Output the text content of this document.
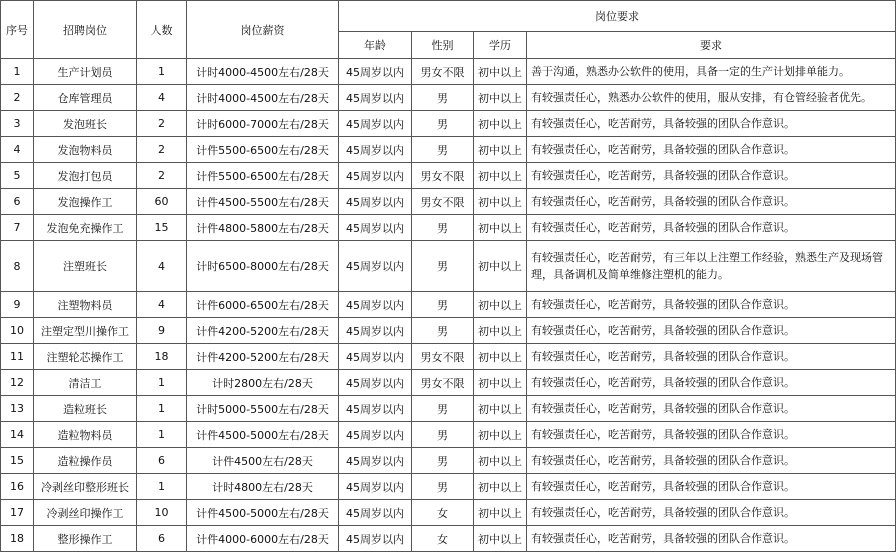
序号	招聘岗位	人数	岗位薪资	岗位要求			
				年龄	性别	学历	要求
1	生产计划员	1	计时4000-4500左右/28天	45周岁以内	男女不限	初中以上	善于沟通，熟悉办公软件的使用，具备一定的生产计划排单能力。
2	仓库管理员	4	计时4000-4500左右/28天	45周岁以内	男	初中以上	有较强责任心，熟悉办公软件的使用，服从安排，有仓管经验者优先。
3	发泡班长	2	计时6000-7000左右/28天	45周岁以内	男	初中以上	有较强责任心，吃苦耐劳，具备较强的团队合作意识。
4	发泡物料员	2	计件5500-6500左右/28天	45周岁以内	男	初中以上	有较强责任心，吃苦耐劳，具备较强的团队合作意识。
5	发泡打包员	2	计件5500-6500左右/28天	45周岁以内	男女不限	初中以上	有较强责任心，吃苦耐劳，具备较强的团队合作意识。
6	发泡操作工	60	计件4500-5500左右/28天	45周岁以内	男女不限	初中以上	有较强责任心，吃苦耐劳，具备较强的团队合作意识。
7	发泡免充操作工	15	计件4800-5800左右/28天	45周岁以内	男	初中以上	有较强责任心，吃苦耐劳，具备较强的团队合作意识。
8	注塑班长	4	计时6500-8000左右/28天	45周岁以内	男	初中以上	有较强责任心，吃苦耐劳，有三年以上注塑工作经验，熟悉生产及现场管理，具备调机及简单维修注塑机的能力。
9	注塑物料员	4	计件6000-6500左右/28天	45周岁以内	男	初中以上	有较强责任心，吃苦耐劳，具备较强的团队合作意识。
10	注塑定型川操作工	9	计件4200-5200左右/28天	45周岁以内	男	初中以上	有较强责任心，吃苦耐劳，具备较强的团队合作意识。
11	注塑轮芯操作工	18	计件4200-5200左右/28天	45周岁以内	男女不限	初中以上	有较强责任心，吃苦耐劳，具备较强的团队合作意识。
12	清洁工	1	计时2800左右/28天	45周岁以内	男女不限	初中以上	有较强责任心，吃苦耐劳，具备较强的团队合作意识。
13	造粒班长	1	计时5000-5500左右/28天	45周岁以内	男	初中以上	有较强责任心，吃苦耐劳，具备较强的团队合作意识。
14	造粒物料员	1	计件4500-5000左右/28天	45周岁以内	男	初中以上	有较强责任心，吃苦耐劳，具备较强的团队合作意识。
15	造粒操作员	6	计件4500左右/28天	45周岁以内	男	初中以上	有较强责任心，吃苦耐劳，具备较强的团队合作意识。
16	冷剥丝印整形班长	1	计时4800左右/28天	45周岁以内	男	初中以上	有较强责任心，吃苦耐劳，具备较强的团队合作意识。
17	冷剥丝印操作工	10	计件4500-5000左右/28天	45周岁以内	女	初中以上	有较强责任心，吃苦耐劳，具备较强的团队合作意识。
18	整形操作工	6	计件4000-6000左右/28天	45周岁以内	女	初中以上	有较强责任心，吃苦耐劳，具备较强的团队合作意识。
